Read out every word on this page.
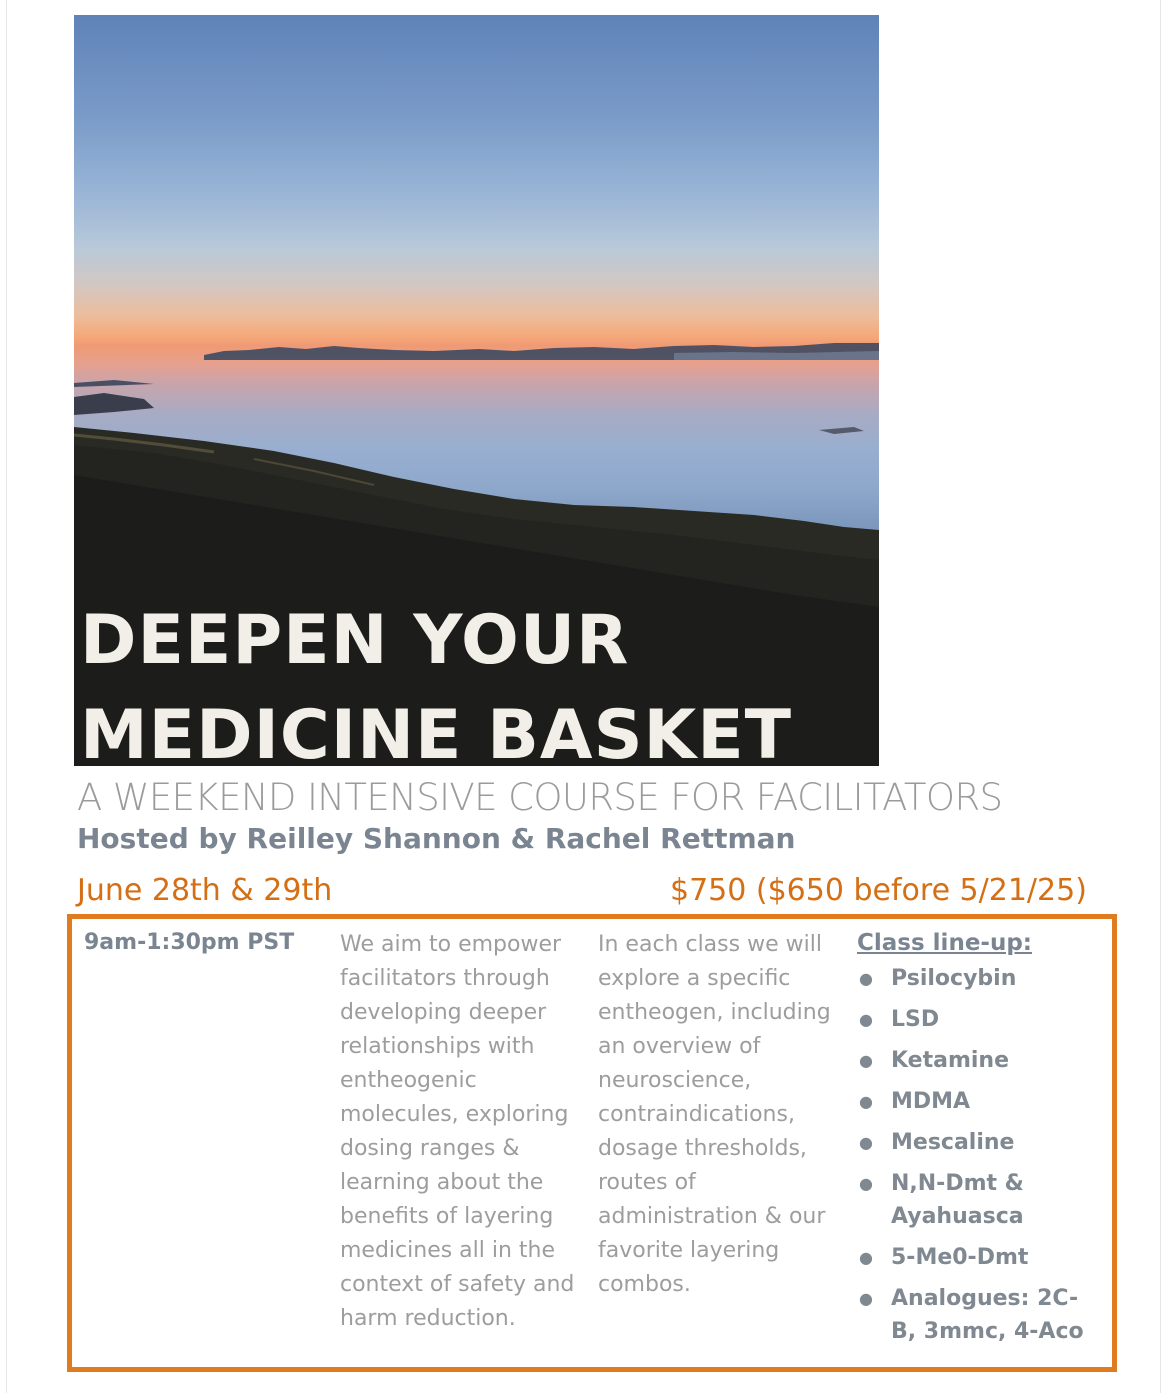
DEEPEN YOUR
MEDICINE BASKET
A WEEKEND INTENSIVE COURSE FOR FACILITATORS
Hosted by Reilley Shannon & Rachel Rettman
June 28th & 29th	$750 ($650 before 5/21/25)
9am-1:30pm PST We aim to empower facilitators through developing deeper relationships with entheogenic molecules, exploring dosing ranges & learning about the benefits of layering medicines all in the context of safety and harm reduction.

In each class we will explore a specific entheogen, including an overview of neuroscience, contraindications, dosage thresholds, routes of administration & our favorite layering combos.

Class line-up:
● Psilocybin
● LSD
● Ketamine
● MDMA
● Mescaline
● N,N-Dmt & Ayahuasca
● 5-Me0-Dmt
● Analogues: 2C-B, 3mmc, 4-Aco
